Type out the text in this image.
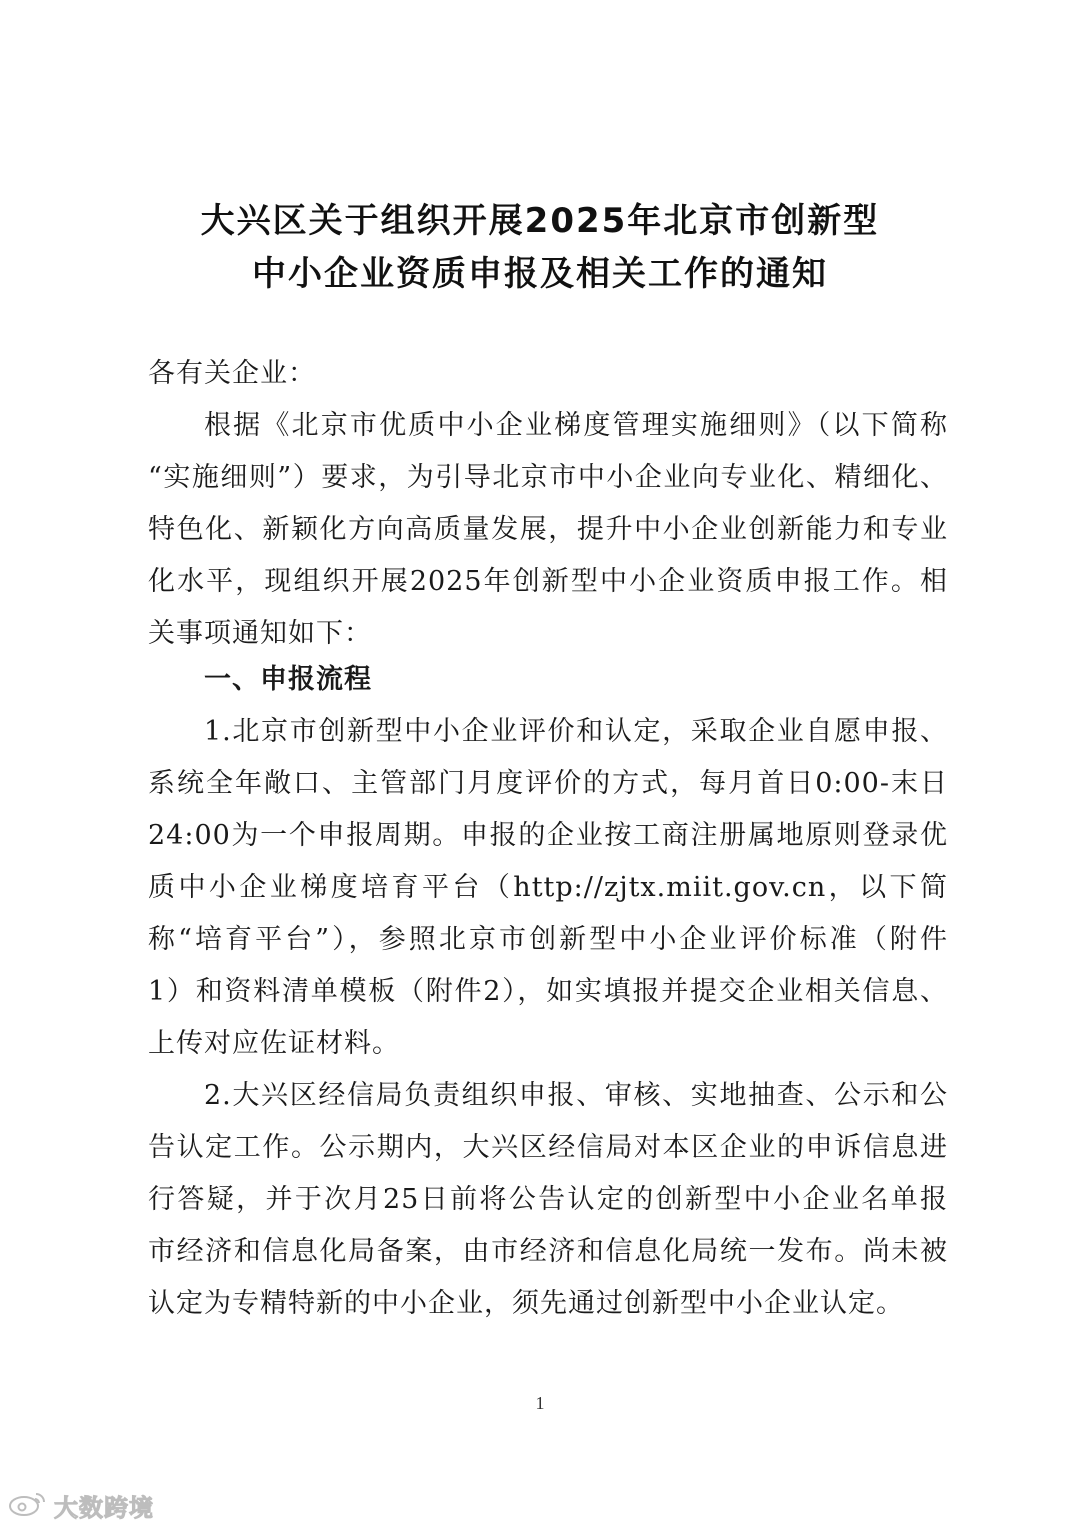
大兴区关于组织开展2025年北京市创新型
中小企业资质申报及相关工作的通知
各有关企业：
根据《北京市优质中小企业梯度管理实施细则》（以下简称
“实施细则”）要求，为引导北京市中小企业向专业化、精细化、
特色化、新颖化方向高质量发展，提升中小企业创新能力和专业
化水平，现组织开展2025年创新型中小企业资质申报工作。相
关事项通知如下：
一、申报流程
1.北京市创新型中小企业评价和认定，采取企业自愿申报、
系统全年敞口、主管部门月度评价的方式，每月首日0:00-末日
24:00为一个申报周期。申报的企业按工商注册属地原则登录优
质中小企业梯度培育平台（http://zjtx.miit.gov.cn，以下简
称“培育平台”），参照北京市创新型中小企业评价标准（附件
1）和资料清单模板（附件2），如实填报并提交企业相关信息、
上传对应佐证材料。
2.大兴区经信局负责组织申报、审核、实地抽查、公示和公
告认定工作。公示期内，大兴区经信局对本区企业的申诉信息进
行答疑，并于次月25日前将公告认定的创新型中小企业名单报
市经济和信息化局备案，由市经济和信息化局统一发布。尚未被
认定为专精特新的中小企业，须先通过创新型中小企业认定。
1
大数跨境
